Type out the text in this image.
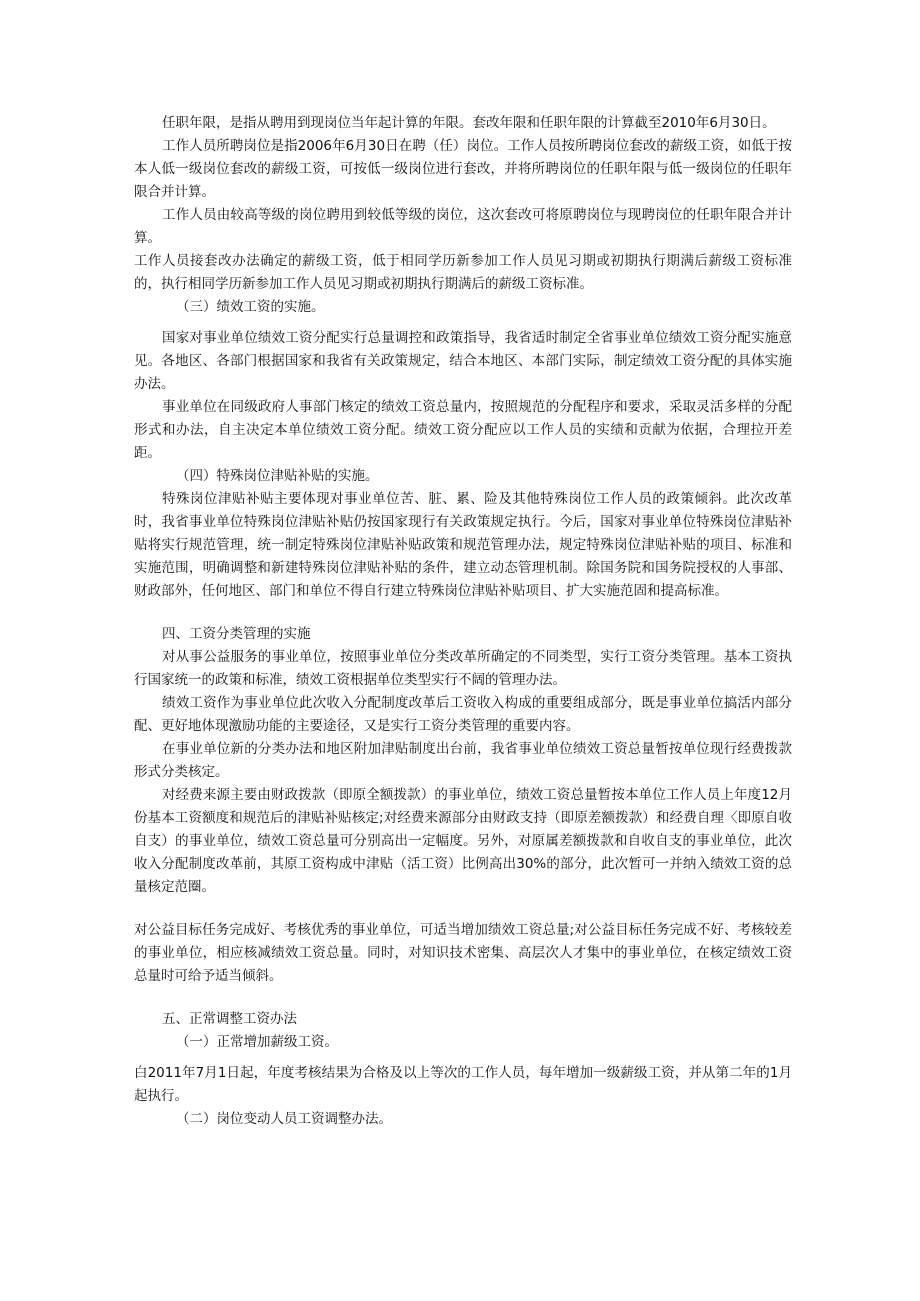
任职年限，是指从聘用到现岗位当年起计算的年限。套改年限和任职年限的计算截至2010年6月30日。

工作人员所聘岗位是指2006年6月30日在聘（任）岗位。工作人员按所聘岗位套改的薪级工资，如低于按本人低一级岗位套改的薪级工资，可按低一级岗位进行套改，并将所聘岗位的任职年限与低一级岗位的任职年限合并计算。

工作人员由较高等级的岗位聘用到较低等级的岗位，这次套改可将原聘岗位与现聘岗位的任职年限合并计算。

工作人员接套改办法确定的薪级工资，低于相同学历新参加工作人员见习期或初期执行期满后薪级工资标准的，执行相同学历新参加工作人员见习期或初期执行期满后的薪级工资标准。

（三）绩效工资的实施。

国家对事业单位绩效工资分配实行总量调控和政策指导，我省适时制定全省事业单位绩效工资分配实施意见。各地区、各部门根据国家和我省有关政策规定，结合本地区、本部门实际，制定绩效工资分配的具体实施办法。

事业单位在同级政府人事部门核定的绩效工资总量内，按照规范的分配程序和要求，采取灵活多样的分配形式和办法，自主决定本单位绩效工资分配。绩效工资分配应以工作人员的实绩和贡献为依据，合理拉开差距。

（四）特殊岗位津贴补贴的实施。

特殊岗位津贴补贴主要体现对事业单位苦、脏、累、险及其他特殊岗位工作人员的政策倾斜。此次改革时，我省事业单位特殊岗位津贴补贴仍按国家现行有关政策规定执行。今后，国家对事业单位特殊岗位津贴补贴将实行规范管理，统一制定特殊岗位津贴补贴政策和规范管理办法，规定特殊岗位津贴补贴的项目、标准和实施范围，明确调整和新建特殊岗位津贴补贴的条件，建立动态管理机制。除国务院和国务院授权的人事部、财政部外，任何地区、部门和单位不得自行建立特殊岗位津贴补贴项目、扩大实施范固和提高标准。

四、工资分类管理的实施

对从事公益服务的事业单位，按照事业单位分类改革所确定的不同类型，实行工资分类管理。基本工资执行国家统一的政策和标准，绩效工资根据单位类型实行不阔的管理办法。

绩效工资作为事业单位此次收入分配制度改革后工资收入构成的重要组成部分，既是事业单位搞活内部分配、更好地体现激励功能的主要途径，又是实行工资分类管理的重要内容。

在事业单位新的分类办法和地区附加津贴制度出台前，我省事业单位绩效工资总量暂按单位现行经费拨款形式分类核定。

对经费来源主要由财政拨款（即原全额拨款）的事业单位，绩效工资总量暂按本单位工作人员上年度12月份基本工资额度和规范后的津贴补贴核定;对经费来源部分由财政支持（即原差额拨款）和经费自理〈即原自收自支）的事业单位，绩效工资总量可分别高出一定幅度。另外，对原属差额拨款和自收自支的事业单位，此次收入分配制度改革前，其原工资构成中津贴（活工资）比例高出30%的部分，此次暂可一并纳入绩效工资的总量核定范圈。

对公益目标任务完成好、考核优秀的事业单位，可适当增加绩效工资总量;对公益目标任务完成不好、考核较差的事业单位，相应核减绩效工资总量。同时，对知识技术密集、高层次人才集中的事业单位，在核定绩效工资总量时可给予适当倾斜。

五、正常调整工资办法

（一）正常增加薪级工资。

白2011年7月1日起，年度考核结果为合格及以上等次的工作人员，每年增加一级薪级工资，并从第二年的1月起执行。

（二）岗位变动人员工资调整办法。
